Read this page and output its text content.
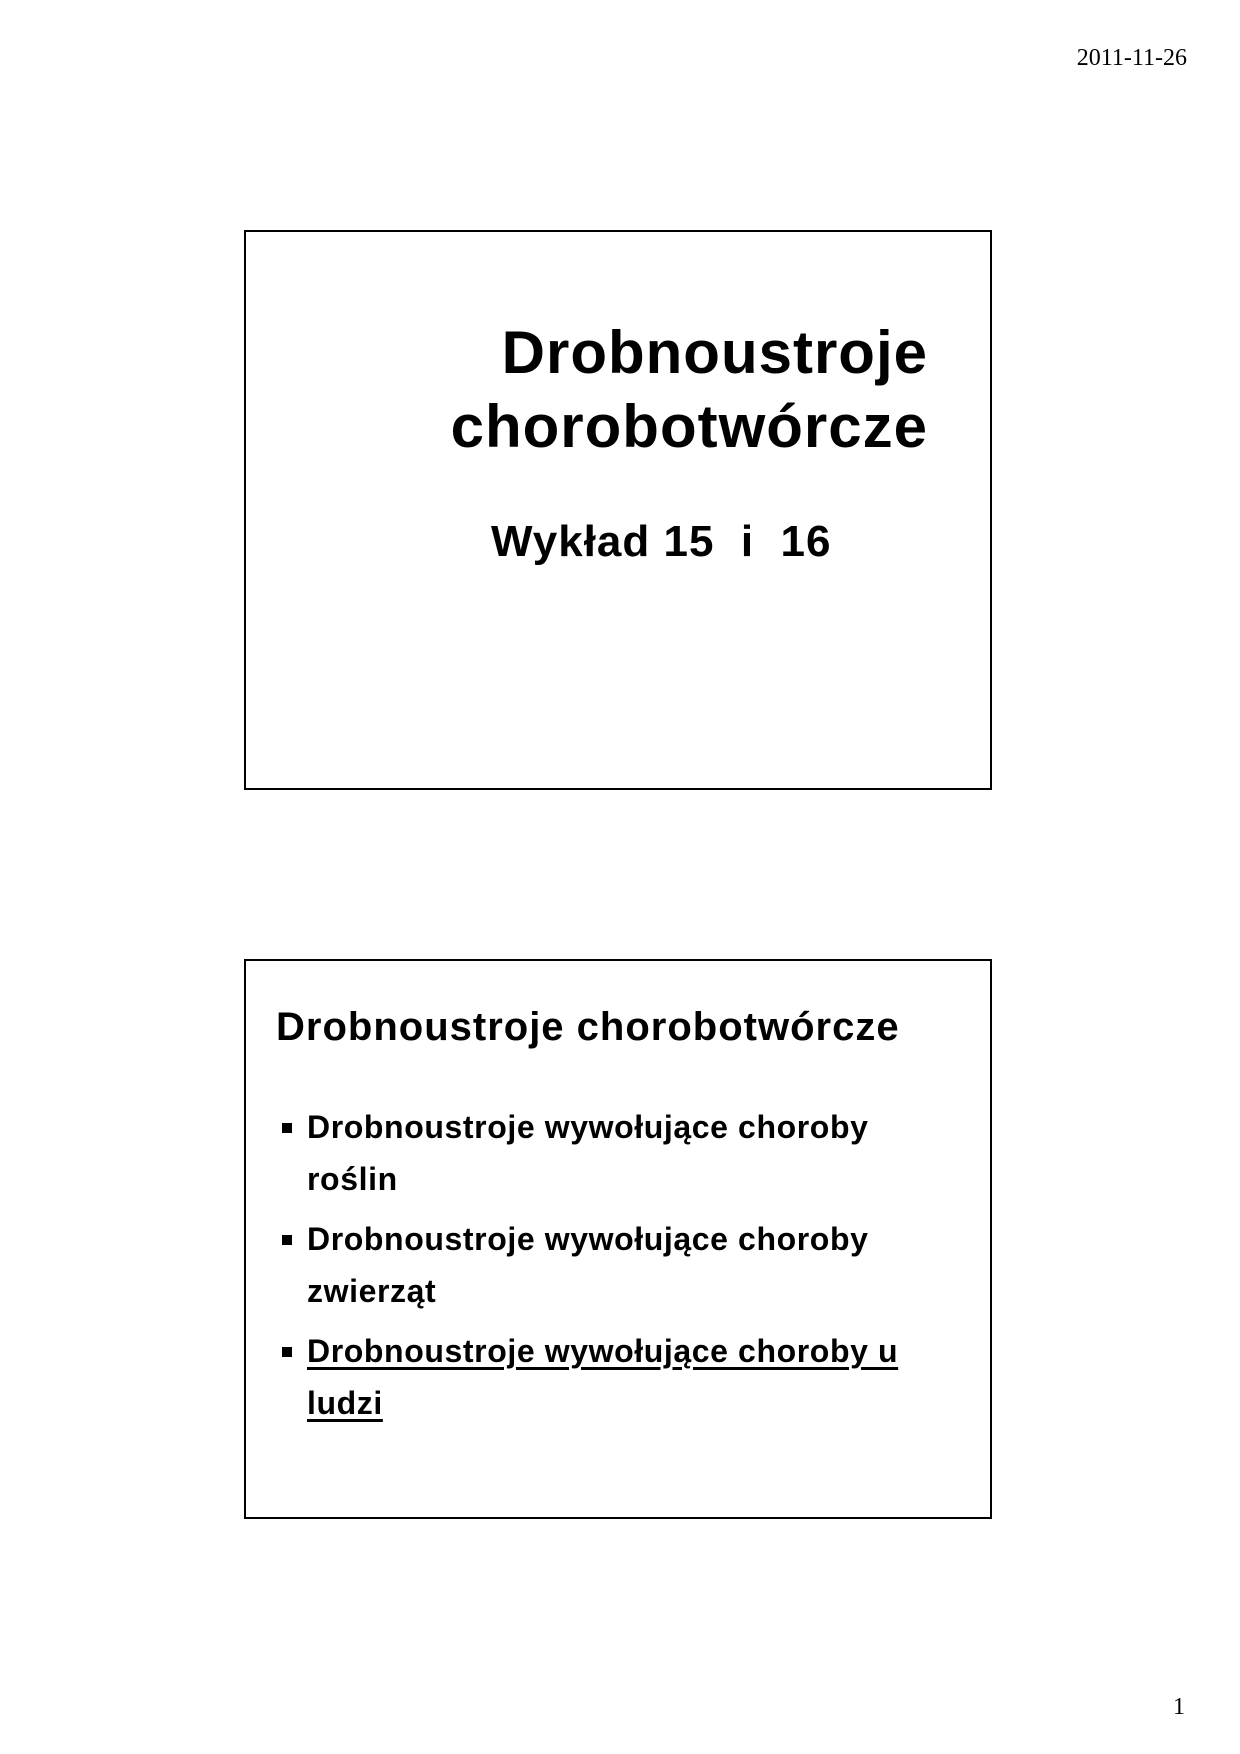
2011-11-26
Drobnoustroje
chorobotwórcze
Wykład 15  i  16
Drobnoustroje chorobotwórcze
Drobnoustroje wywołujące choroby roślin
Drobnoustroje wywołujące choroby zwierząt
Drobnoustroje wywołujące choroby u ludzi
1
